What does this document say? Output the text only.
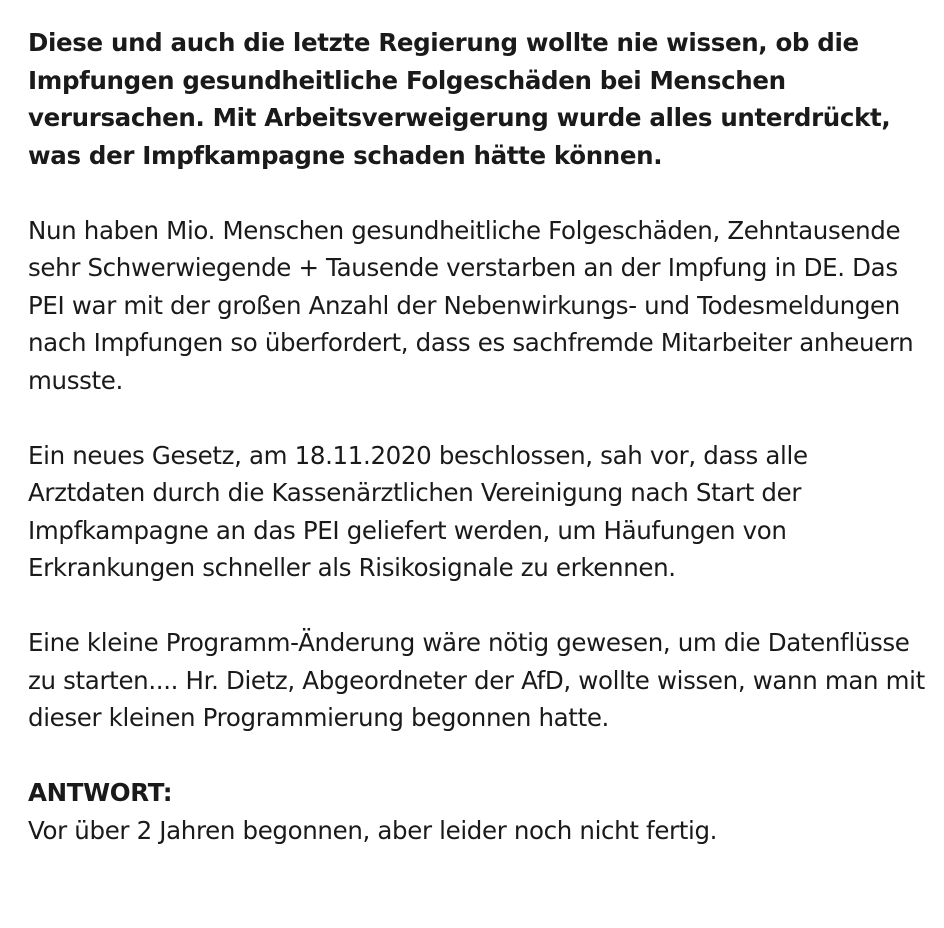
Diese und auch die letzte Regierung wollte nie wissen, ob die Impfungen gesundheitliche Folgeschäden bei Menschen verursachen. Mit Arbeitsverweigerung wurde alles unterdrückt, was der Impfkampagne schaden hätte können.

Nun haben Mio. Menschen gesundheitliche Folgeschäden, Zehntausende sehr Schwerwiegende + Tausende verstarben an der Impfung in DE. Das PEI war mit der großen Anzahl der Nebenwirkungs- und Todesmeldungen nach Impfungen so überfordert, dass es sachfremde Mitarbeiter anheuern musste.

Ein neues Gesetz, am 18.11.2020 beschlossen, sah vor, dass alle Arztdaten durch die Kassenärztlichen Vereinigung nach Start der Impfkampagne an das PEI geliefert werden, um Häufungen von Erkrankungen schneller als Risikosignale zu erkennen.

Eine kleine Programm-Änderung wäre nötig gewesen, um die Datenflüsse zu starten.... Hr. Dietz, Abgeordneter der AfD, wollte wissen, wann man mit dieser kleinen Programmierung begonnen hatte.

ANTWORT:
Vor über 2 Jahren begonnen, aber leider noch nicht fertig.
